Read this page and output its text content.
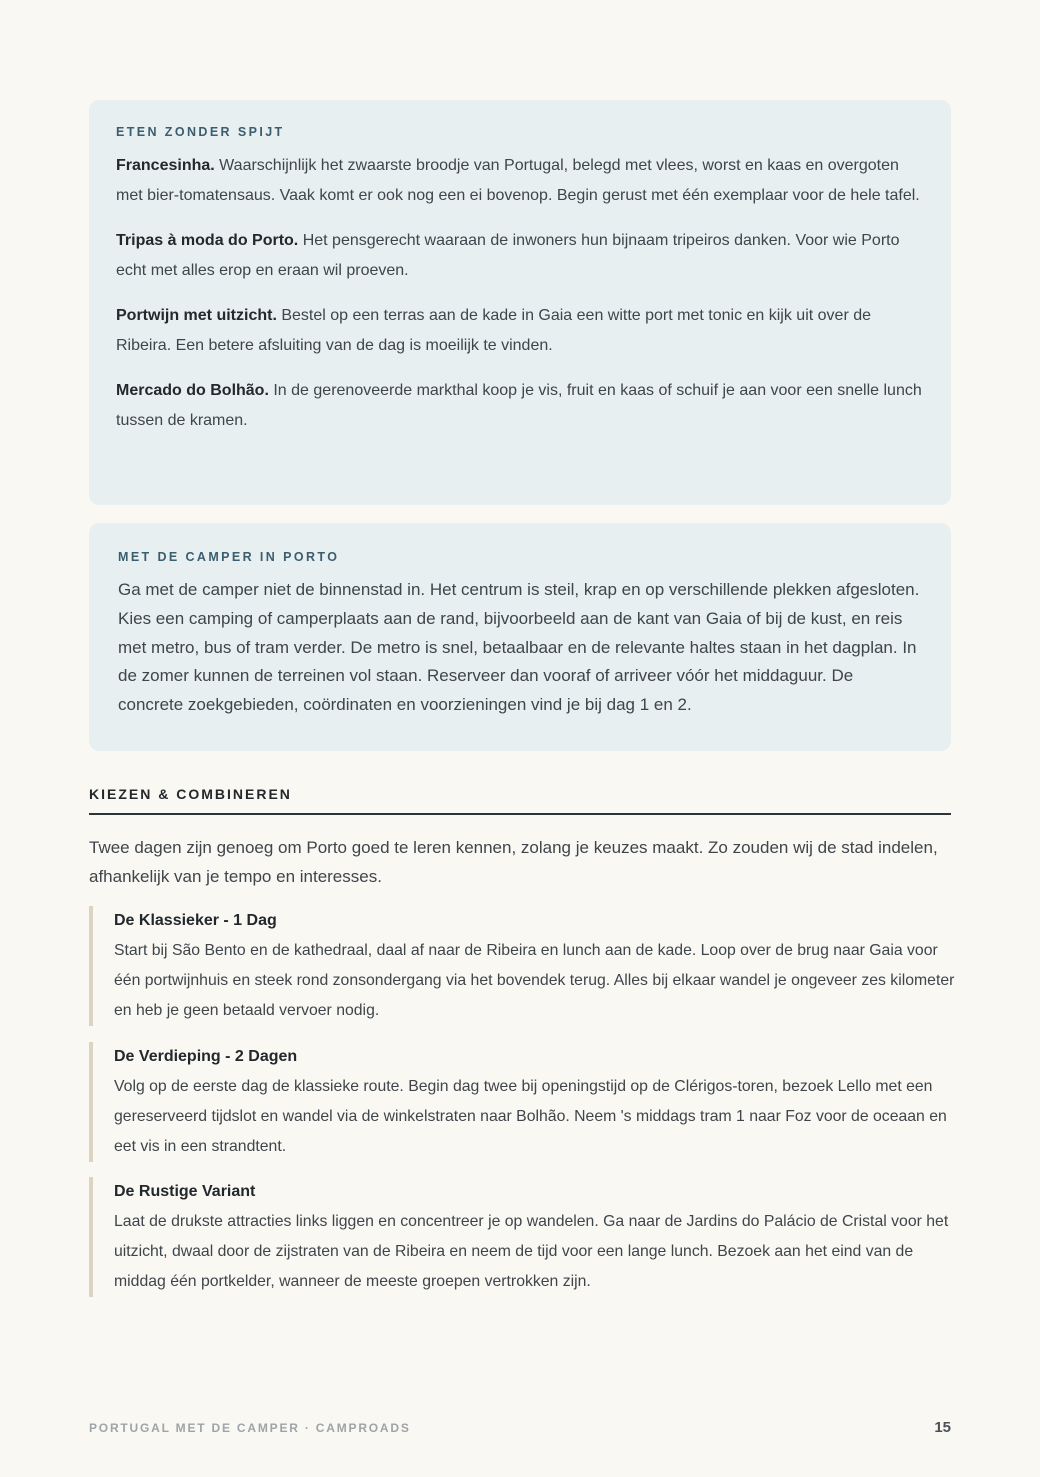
ETEN ZONDER SPIJT

Francesinha. Waarschijnlijk het zwaarste broodje van Portugal, belegd met vlees, worst en kaas en overgoten met bier-tomatensaus. Vaak komt er ook nog een ei bovenop. Begin gerust met één exemplaar voor de hele tafel.

Tripas à moda do Porto. Het pensgerecht waaraan de inwoners hun bijnaam tripeiros danken. Voor wie Porto echt met alles erop en eraan wil proeven.

Portwijn met uitzicht. Bestel op een terras aan de kade in Gaia een witte port met tonic en kijk uit over de Ribeira. Een betere afsluiting van de dag is moeilijk te vinden.

Mercado do Bolhão. In de gerenoveerde markthal koop je vis, fruit en kaas of schuif je aan voor een snelle lunch tussen de kramen.

MET DE CAMPER IN PORTO

Ga met de camper niet de binnenstad in. Het centrum is steil, krap en op verschillende plekken afgesloten. Kies een camping of camperplaats aan de rand, bijvoorbeeld aan de kant van Gaia of bij de kust, en reis met metro, bus of tram verder. De metro is snel, betaalbaar en de relevante haltes staan in het dagplan. In de zomer kunnen de terreinen vol staan. Reserveer dan vooraf of arriveer vóór het middaguur. De concrete zoekgebieden, coördinaten en voorzieningen vind je bij dag 1 en 2.

KIEZEN & COMBINEREN

Twee dagen zijn genoeg om Porto goed te leren kennen, zolang je keuzes maakt. Zo zouden wij de stad indelen, afhankelijk van je tempo en interesses.

De Klassieker - 1 Dag

Start bij São Bento en de kathedraal, daal af naar de Ribeira en lunch aan de kade. Loop over de brug naar Gaia voor één portwijnhuis en steek rond zonsondergang via het bovendek terug. Alles bij elkaar wandel je ongeveer zes kilometer en heb je geen betaald vervoer nodig.

De Verdieping - 2 Dagen

Volg op de eerste dag de klassieke route. Begin dag twee bij openingstijd op de Clérigos-toren, bezoek Lello met een gereserveerd tijdslot en wandel via de winkelstraten naar Bolhão. Neem 's middags tram 1 naar Foz voor de oceaan en eet vis in een strandtent.

De Rustige Variant

Laat de drukste attracties links liggen en concentreer je op wandelen. Ga naar de Jardins do Palácio de Cristal voor het uitzicht, dwaal door de zijstraten van de Ribeira en neem de tijd voor een lange lunch. Bezoek aan het eind van de middag één portkelder, wanneer de meeste groepen vertrokken zijn.

PORTUGAL MET DE CAMPER · CAMPROADS	15
